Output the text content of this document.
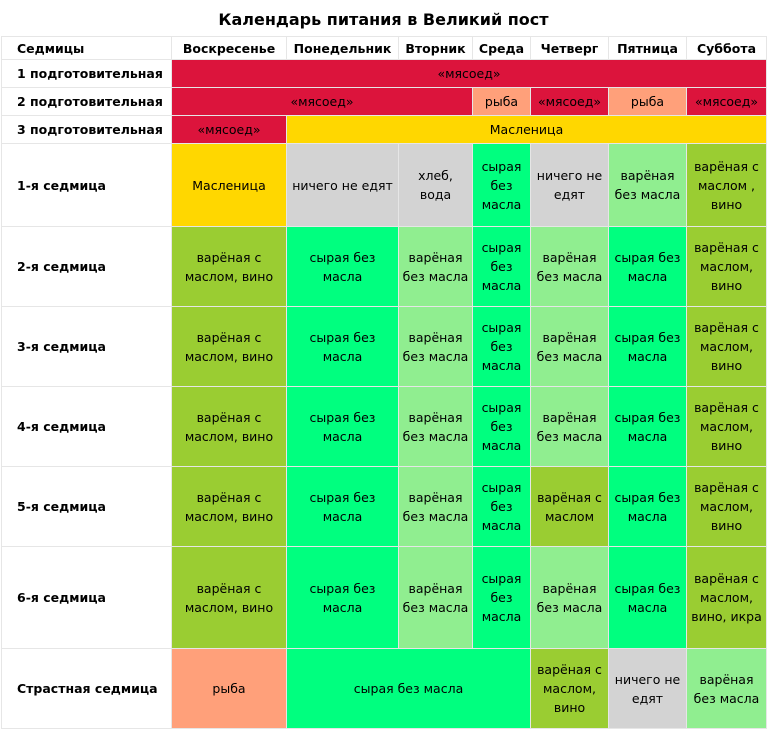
Календарь питания в Великий пост
Седмицы	Воскресенье	Понедельник	Вторник	Среда	Четверг	Пятница	Суббота
1 подготовительная	«мясоед»						
2 подготовительная	«мясоед»			рыба	«мясоед»	рыба	«мясоед»
3 подготовительная	«мясоед»	Масленица					
1-я седмица	Масленица	ничего не едят	хлеб, вода	сырая без масла	ничего не едят	варёная без масла	варёная с маслом , вино
2-я седмица	варёная с маслом, вино	сырая без масла	варёная без масла	сырая без масла	варёная без масла	сырая без масла	варёная с маслом, вино
3-я седмица	варёная с маслом, вино	сырая без масла	варёная без масла	сырая без масла	варёная без масла	сырая без масла	варёная с маслом, вино
4-я седмица	варёная с маслом, вино	сырая без масла	варёная без масла	сырая без масла	варёная без масла	сырая без масла	варёная с маслом, вино
5-я седмица	варёная с маслом, вино	сырая без масла	варёная без масла	сырая без масла	варёная с маслом	сырая без масла	варёная с маслом, вино
6-я седмица	варёная с маслом, вино	сырая без масла	варёная без масла	сырая без масла	варёная без масла	сырая без масла	варёная с маслом, вино, икра
Страстная седмица	рыба	сырая без масла			варёная с маслом, вино	ничего не едят	варёная без масла
